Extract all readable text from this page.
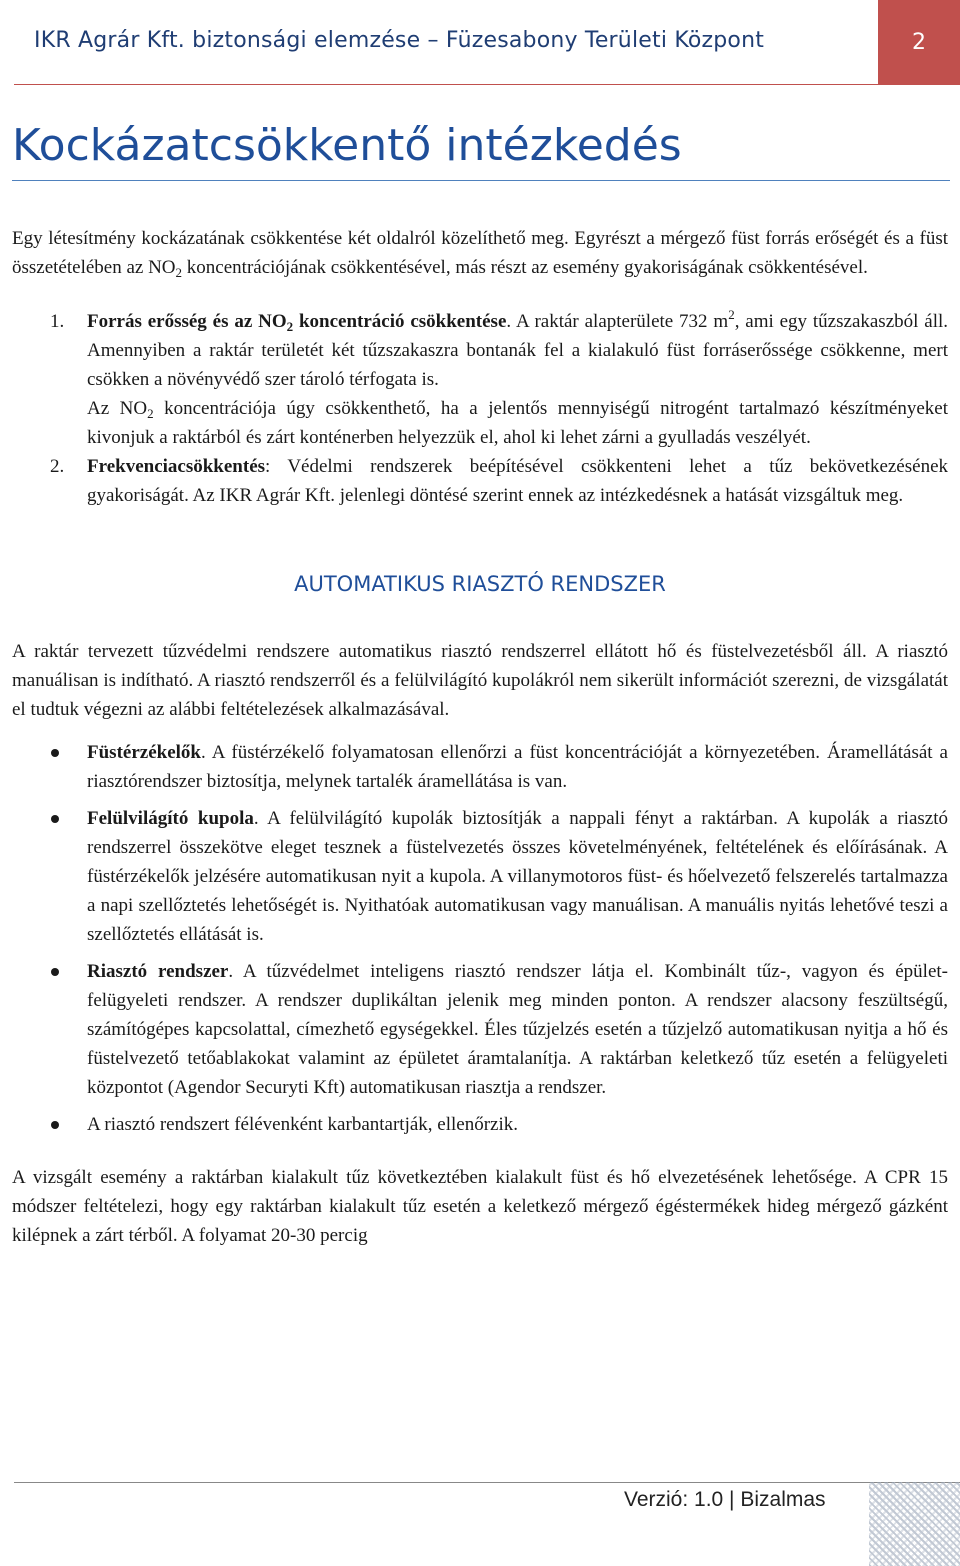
IKR Agrár Kft. biztonsági elemzése – Füzesabony Területi Központ	2
Kockázatcsökkentő intézkedés

Egy létesítmény kockázatának csökkentése két oldalról közelíthető meg. Egyrészt a mérgező füst forrás erőségét és a füst összetételében az $NO_2$ koncentrációjának csökkentésével, más részt az esemény gyakoriságának csökkentésével.

1. Forrás erősség és az $NO_2$ koncentráció csökkentése. A raktár alapterülete 732 $m^2$, ami egy tűzszakaszból áll. Amennyiben a raktár területét két tűzszakaszra bontanák fel a kialakuló füst forráserőssége csökkenne, mert csökken a növényvédő szer tároló térfogata is.

Az $NO_2$ koncentrációja úgy csökkenthető, ha a jelentős mennyiségű nitrogént tartalmazó készítményeket kivonjuk a raktárból és zárt konténerben helyezzük el, ahol ki lehet zárni a gyulladás veszélyét.

2. Frekvenciacsökkentés: Védelmi rendszerek beépítésével csökkenteni lehet a tűz bekövetkezésének gyakoriságát. Az IKR Agrár Kft. jelenlegi döntésé szerint ennek az intézkedésnek a hatását vizsgáltuk meg.
AUTOMATIKUS RIASZTÓ RENDSZER

A raktár tervezett tűzvédelmi rendszere automatikus riasztó rendszerrel ellátott hő és füstelvezetésből áll. A riasztó manuálisan is indítható. A riasztó rendszerről és a felülvilágító kupolákról nem sikerült információt szerezni, de vizsgálatát el tudtuk végezni az alábbi feltételezések alkalmazásával.

Füstérzékelők. A füstérzékelő folyamatosan ellenőrzi a füst koncentrációját a környezetében. Áramellátását a riasztórendszer biztosítja, melynek tartalék áramellátása is van.
Felülvilágító kupola. A felülvilágító kupolák biztosítják a nappali fényt a raktárban. A kupolák a riasztó rendszerrel összekötve eleget tesznek a füstelvezetés összes követelményének, feltételének és előírásának. A füstérzékelők jelzésére automatikusan nyit a kupola. A villanymotoros füst- és hőelvezető felszerelés tartalmazza a napi szellőztetés lehetőségét is. Nyithatóak automatikusan vagy manuálisan. A manuális nyitás lehetővé teszi a szellőztetés ellátását is.
Riasztó rendszer. A tűzvédelmet inteligens riasztó rendszer látja el. Kombinált tűz-, vagyon és épület-felügyeleti rendszer. A rendszer duplikáltan jelenik meg minden ponton. A rendszer alacsony feszültségű, számítógépes kapcsolattal, címezhető egységekkel. Éles tűzjelzés esetén a tűzjelző automatikusan nyitja a hő és füstelvezető tetőablakokat valamint az épületet áramtalanítja. A raktárban keletkező tűz esetén a felügyeleti központot (Agendor Securyti Kft) automatikusan riasztja a rendszer.
A riasztó rendszert félévenként karbantartják, ellenőrzik.

A vizsgált esemény a raktárban kialakult tűz következtében kialakult füst és hő elvezetésének lehetősége. A CPR 15 módszer feltételezi, hogy egy raktárban kialakult tűz esetén a keletkező mérgező égéstermékek hideg mérgező gázként kilépnek a zárt térből. A folyamat 20-30 percig

Verzió: 1.0 | Bizalmas
